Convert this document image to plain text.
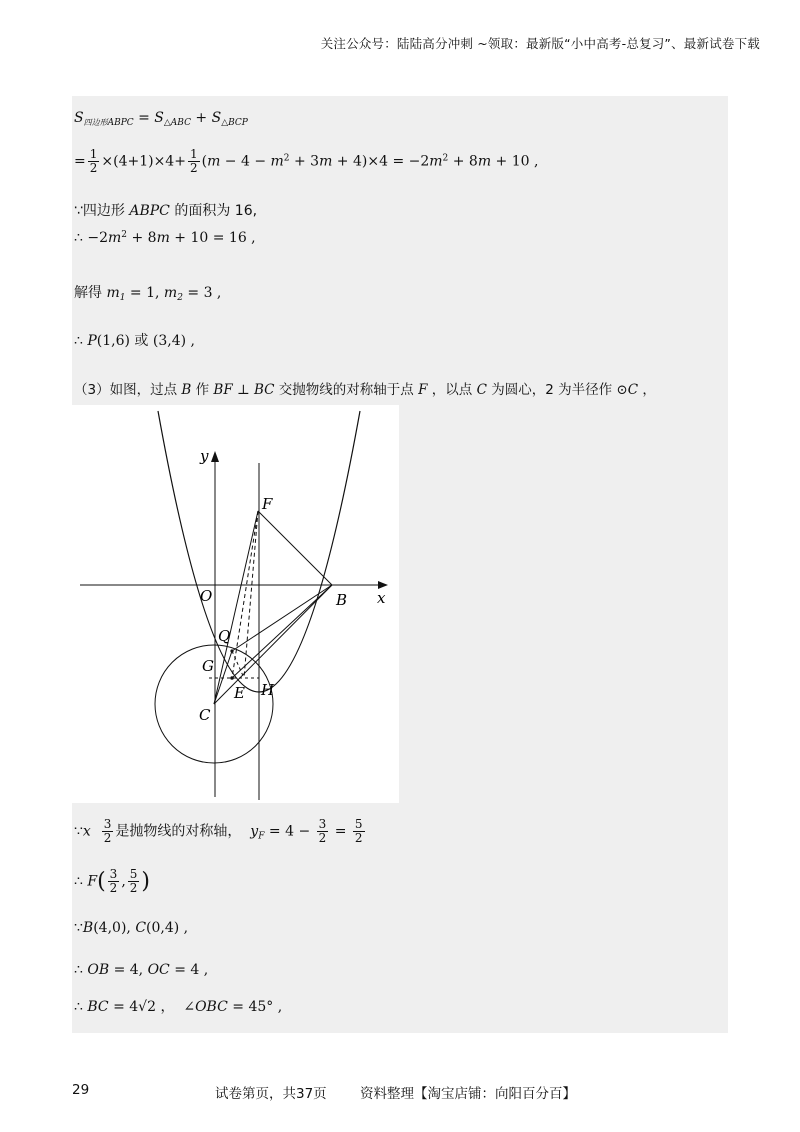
关注公众号：陆陆高分冲刺 ~领取：最新版“小中高考-总复习”、最新试卷下载
$S_{四边形ABPC} = S_{\triangle ABC} + S_{\triangle BCP}$
= $\frac{1}{2} \times(4+1)\times 4+ \frac{1}{2} (m - 4 - m^2 + 3m + 4)\times 4 = -2m^2 + 8m + 10$ ,
∵四边形 ABPC 的面积为 16,
∴ $-2m^2 + 8m + 10 = 16$ ,
解得 $m_1 = 1$, $m_2 = 3$ ,
∴ P(1,6) 或 (3,4) ,
（3）如图，过点 B 作 BF ⊥ BC 交抛物线的对称轴于点 F ，以点 C 为圆心，2 为半径作 ⊙C ，
y
x
F
O	B
Q
G
E H
C
∵x $\frac{3}{2}$ 是抛物线的对称轴， $y_F = 4 - \frac{3}{2} = \frac{5}{2}$
∴ $F( \frac{3}{2}$ , $\frac{5}{2}$ )
∵B(4,0), C(0,4) ,
∴ OB = 4, OC = 4 ,
∴ BC = 4√2 ，  ∠OBC = 45° ,
29	试卷第页，共37页 资料整理【淘宝店铺：向阳百分百】
